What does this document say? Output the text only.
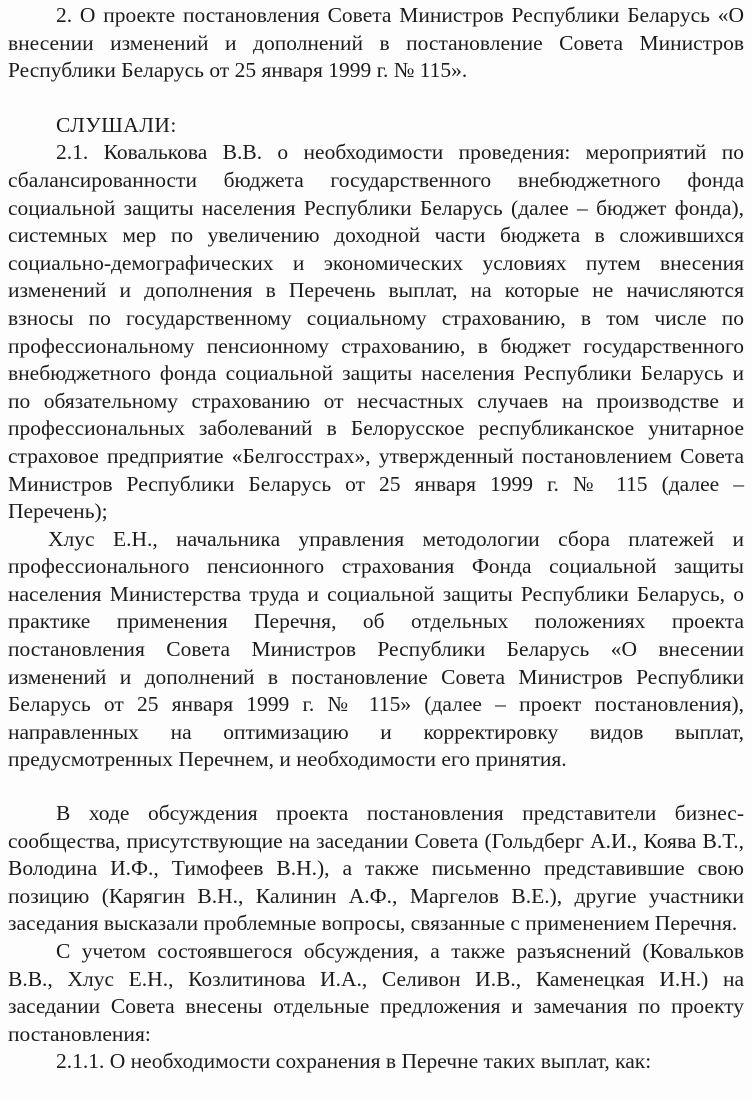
2. О проекте постановления Совета Министров Республики Беларусь «О внесении изменений и дополнений в постановление Совета Министров Республики Беларусь от 25 января 1999 г. № 115».

СЛУШАЛИ:

2.1. Ковалькова В.В. о необходимости проведения: мероприятий по сбалансированности бюджета государственного внебюджетного фонда социальной защиты населения Республики Беларусь (далее – бюджет фонда), системных мер по увеличению доходной части бюджета в сложившихся социально-демографических и экономических условиях путем внесения изменений и дополнения в Перечень выплат, на которые не начисляются взносы по государственному социальному страхованию, в том числе по профессиональному пенсионному страхованию, в бюджет государственного внебюджетного фонда социальной защиты населения Республики Беларусь и по обязательному страхованию от несчастных случаев на производстве и профессиональных заболеваний в Белорусское республиканское унитарное страховое предприятие «Белгосстрах», утвержденный постановлением Совета Министров Республики Беларусь от 25 января 1999 г. № 115 (далее – Перечень);

Хлус Е.Н., начальника управления методологии сбора платежей и профессионального пенсионного страхования Фонда социальной защиты населения Министерства труда и социальной защиты Республики Беларусь, о практике применения Перечня, об отдельных положениях проекта постановления Совета Министров Республики Беларусь «О внесении изменений и дополнений в постановление Совета Министров Республики Беларусь от 25 января 1999 г. № 115» (далее – проект постановления), направленных на оптимизацию и корректировку видов выплат, предусмотренных Перечнем, и необходимости его принятия.

В ходе обсуждения проекта постановления представители бизнес-сообщества, присутствующие на заседании Совета (Гольдберг А.И., Коява В.Т., Володина И.Ф., Тимофеев В.Н.), а также письменно представившие свою позицию (Карягин В.Н., Калинин А.Ф., Маргелов В.Е.), другие участники заседания высказали проблемные вопросы, связанные с применением Перечня.

С учетом состоявшегося обсуждения, а также разъяснений (Ковальков В.В., Хлус Е.Н., Козлитинова И.А., Селивон И.В., Каменецкая И.Н.) на заседании Совета внесены отдельные предложения и замечания по проекту постановления:

2.1.1. О необходимости сохранения в Перечне таких выплат, как:
